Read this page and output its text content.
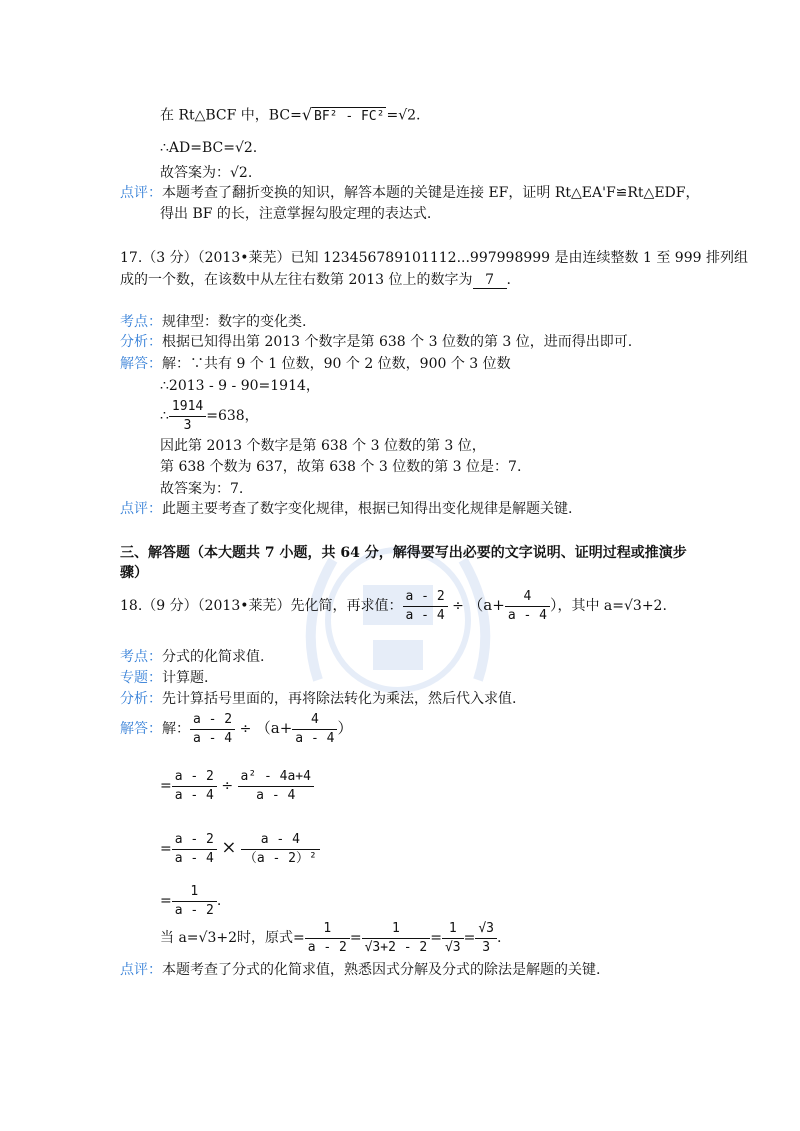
在 Rt△BCF 中，BC=√ BF² - FC² =√2.
∴AD=BC=√2.
故答案为：√2.
点评：本题考查了翻折变换的知识，解答本题的关键是连接 EF，证明 Rt△EA'F≌Rt△EDF，
得出 BF 的长，注意掌握勾股定理的表达式.
17.（3 分）（2013•莱芜）已知 123456789101112...997998999 是由连续整数 1 至 999 排列组
成的一个数，在该数中从左往右数第 2013 位上的数字为 7 .
考点：规律型：数字的变化类.
分析：根据已知得出第 2013 个数字是第 638 个 3 位数的第 3 位，进而得出即可.
解答：解：∵共有 9 个 1 位数，90 个 2 位数，900 个 3 位数
∴2013 - 9 - 90=1914，
∴ $\frac{1914}{3} =638$，
因此第 2013 个数字是第 638 个 3 位数的第 3 位，
第 638 个数为 637，故第 638 个 3 位数的第 3 位是：7.
故答案为：7.
点评：此题主要考查了数字变化规律，根据已知得出变化规律是解题关键.
三、解答题（本大题共 7 小题，共 64 分，解得要写出必要的文字说明、证明过程或推演步
骤）
18.（9 分）（2013•莱芜）先化简，再求值： $\frac{a - 2}{a - 4} \div (a+ \frac{4}{a - 4}$ ），其中 a=√3+2.
考点：分式的化简求值.
专题：计算题.
分析：先计算括号里面的，再将除法转化为乘法，然后代入求值.
解答：解： $\frac{a - 2}{a - 4} \div (a+ \frac{4}{a - 4}$ ）
= $\frac{a - 2}{a - 4} \div \frac{\text{a² - 4a+4}}{a - 4}$
= $\frac{a - 2}{a - 4} \times \frac{a - 4}{\text{（a - 2）²}}$
= $\frac{1}{a - 2}$ .
当 a=√3+2时，原式= $\frac{1}{a - 2} = \frac{1}{√3+2 - 2} = \frac{1}{√3} = \frac{√3}{3}$ .
点评：本题考查了分式的化简求值，熟悉因式分解及分式的除法是解题的关键.
